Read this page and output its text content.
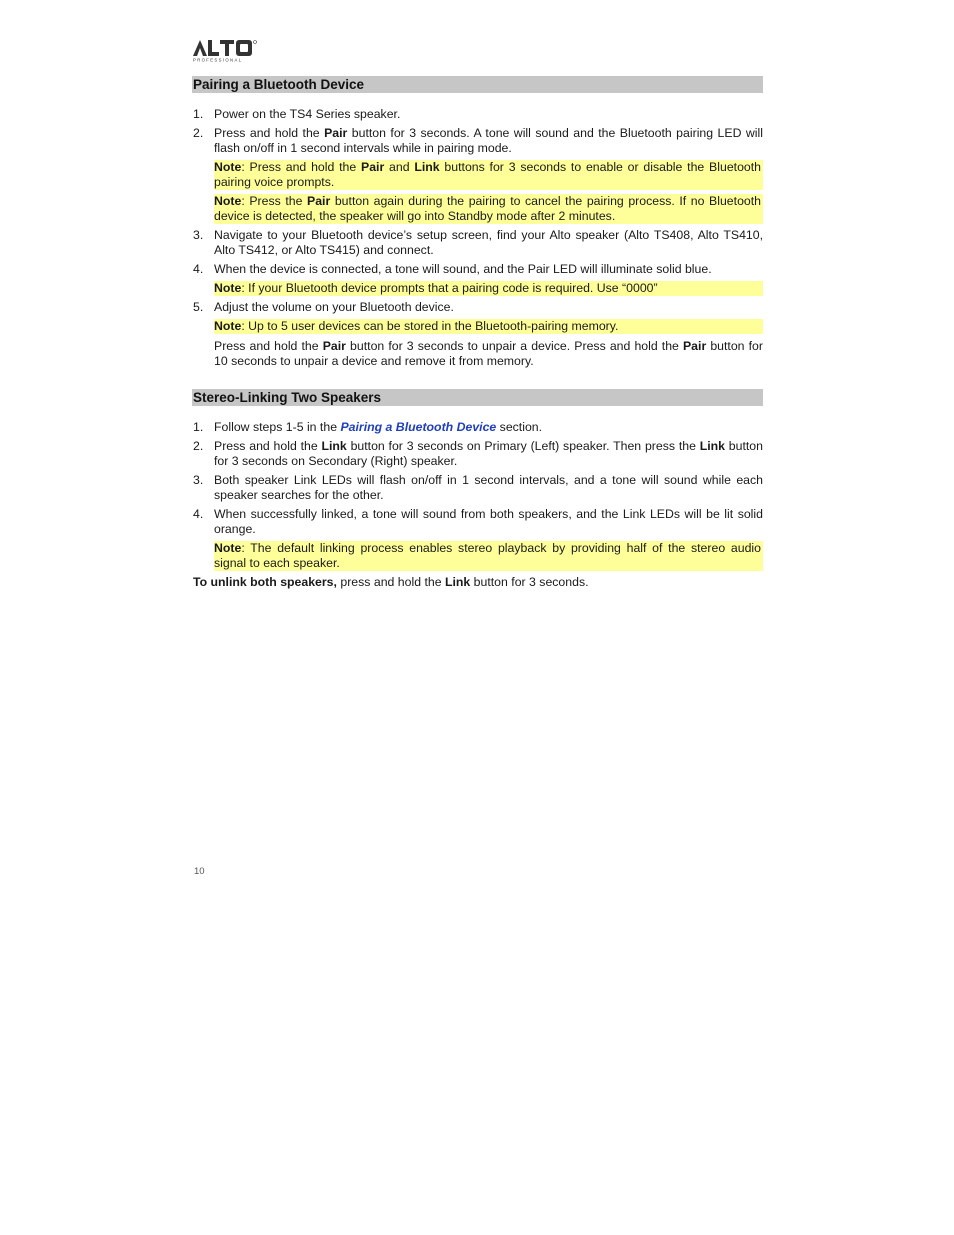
PROFESSIONAL
Pairing a Bluetooth Device
1. Power on the TS4 Series speaker.
2. Press and hold the Pair button for 3 seconds. A tone will sound and the Bluetooth pairing LED will flash on/off in 1 second intervals while in pairing mode.
Note: Press and hold the Pair and Link buttons for 3 seconds to enable or disable the Bluetooth pairing voice prompts.
Note: Press the Pair button again during the pairing to cancel the pairing process. If no Bluetooth device is detected, the speaker will go into Standby mode after 2 minutes.
3. Navigate to your Bluetooth device’s setup screen, find your Alto speaker (Alto TS408, Alto TS410, Alto TS412, or Alto TS415) and connect.
4. When the device is connected, a tone will sound, and the Pair LED will illuminate solid blue.
Note: If your Bluetooth device prompts that a pairing code is required. Use “0000”
5. Adjust the volume on your Bluetooth device.
Note: Up to 5 user devices can be stored in the Bluetooth-pairing memory.
Press and hold the Pair button for 3 seconds to unpair a device. Press and hold the Pair button for 10 seconds to unpair a device and remove it from memory.
Stereo-Linking Two Speakers
1. Follow steps 1-5 in the Pairing a Bluetooth Device section.
2. Press and hold the Link button for 3 seconds on Primary (Left) speaker. Then press the Link button for 3 seconds on Secondary (Right) speaker.
3. Both speaker Link LEDs will flash on/off in 1 second intervals, and a tone will sound while each speaker searches for the other.
4. When successfully linked, a tone will sound from both speakers, and the Link LEDs will be lit solid orange.
Note: The default linking process enables stereo playback by providing half of the stereo audio signal to each speaker.
To unlink both speakers, press and hold the Link button for 3 seconds.
10
